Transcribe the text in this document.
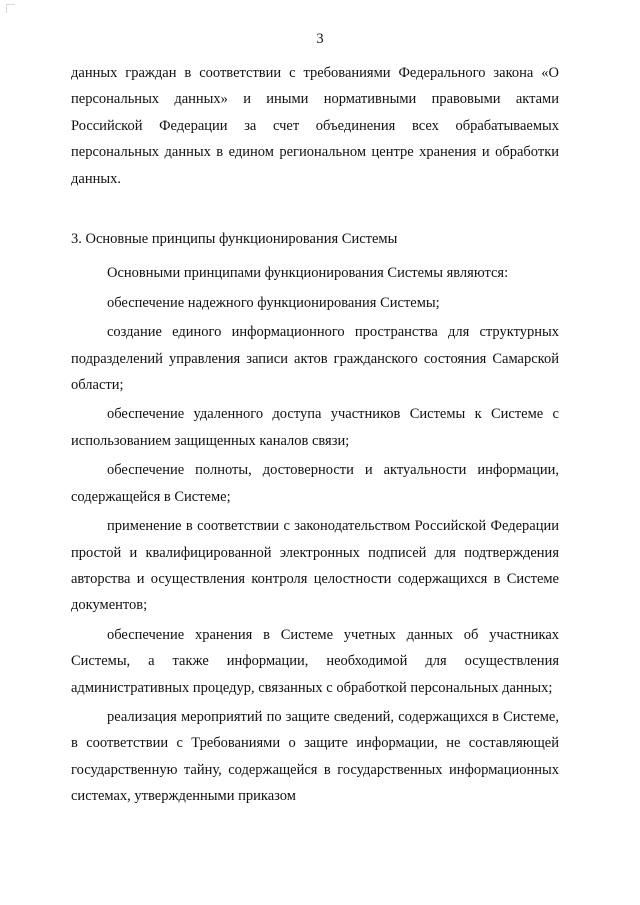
3

данных граждан в соответствии с требованиями Федерального закона «О персональных данных» и иными нормативными правовыми актами Российской Федерации за счет объединения всех обрабатываемых персональных данных в едином региональном центре хранения и обработки данных.

3. Основные принципы функционирования Системы

Основными принципами функционирования Системы являются:

обеспечение надежного функционирования Системы;

создание единого информационного пространства для структурных подразделений управления записи актов гражданского состояния Самарской области;

обеспечение удаленного доступа участников Системы к Системе с использованием защищенных каналов связи;

обеспечение полноты, достоверности и актуальности информации, содержащейся в Системе;

применение в соответствии с законодательством Российской Федерации простой и квалифицированной электронных подписей для подтверждения авторства и осуществления контроля целостности содержащихся в Системе документов;

обеспечение хранения в Системе учетных данных об участниках Системы, а также информации, необходимой для осуществления административных процедур, связанных с обработкой персональных данных;

реализация мероприятий по защите сведений, содержащихся в Системе, в соответствии с Требованиями о защите информации, не составляющей государственную тайну, содержащейся в государственных информационных системах, утвержденными приказом
